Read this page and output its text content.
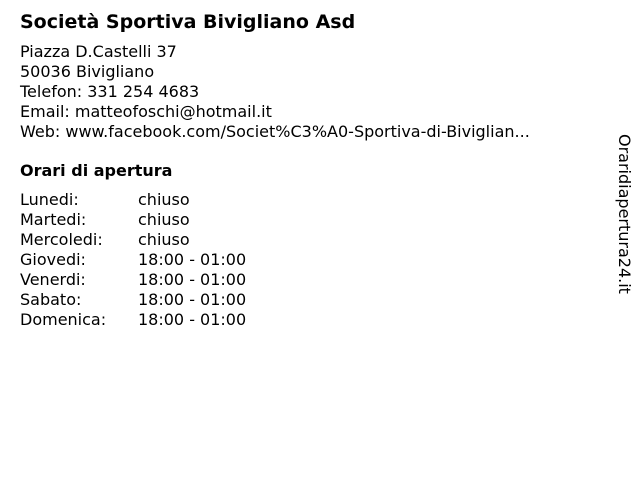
Società Sportiva Bivigliano Asd
Piazza D.Castelli 37
50036 Bivigliano
Telefon: 331 254 4683
Email: matteofoschi@hotmail.it
Web: www.facebook.com/Societ%C3%A0-Sportiva-di-Biviglian...
Orari di apertura
Lunedi:	chiuso
Martedi:	chiuso
Mercoledi:	chiuso
Giovedi:	18:00 - 01:00
Venerdi:	18:00 - 01:00
Sabato:	18:00 - 01:00
Domenica:	18:00 - 01:00
Oraridiapertura24.it
